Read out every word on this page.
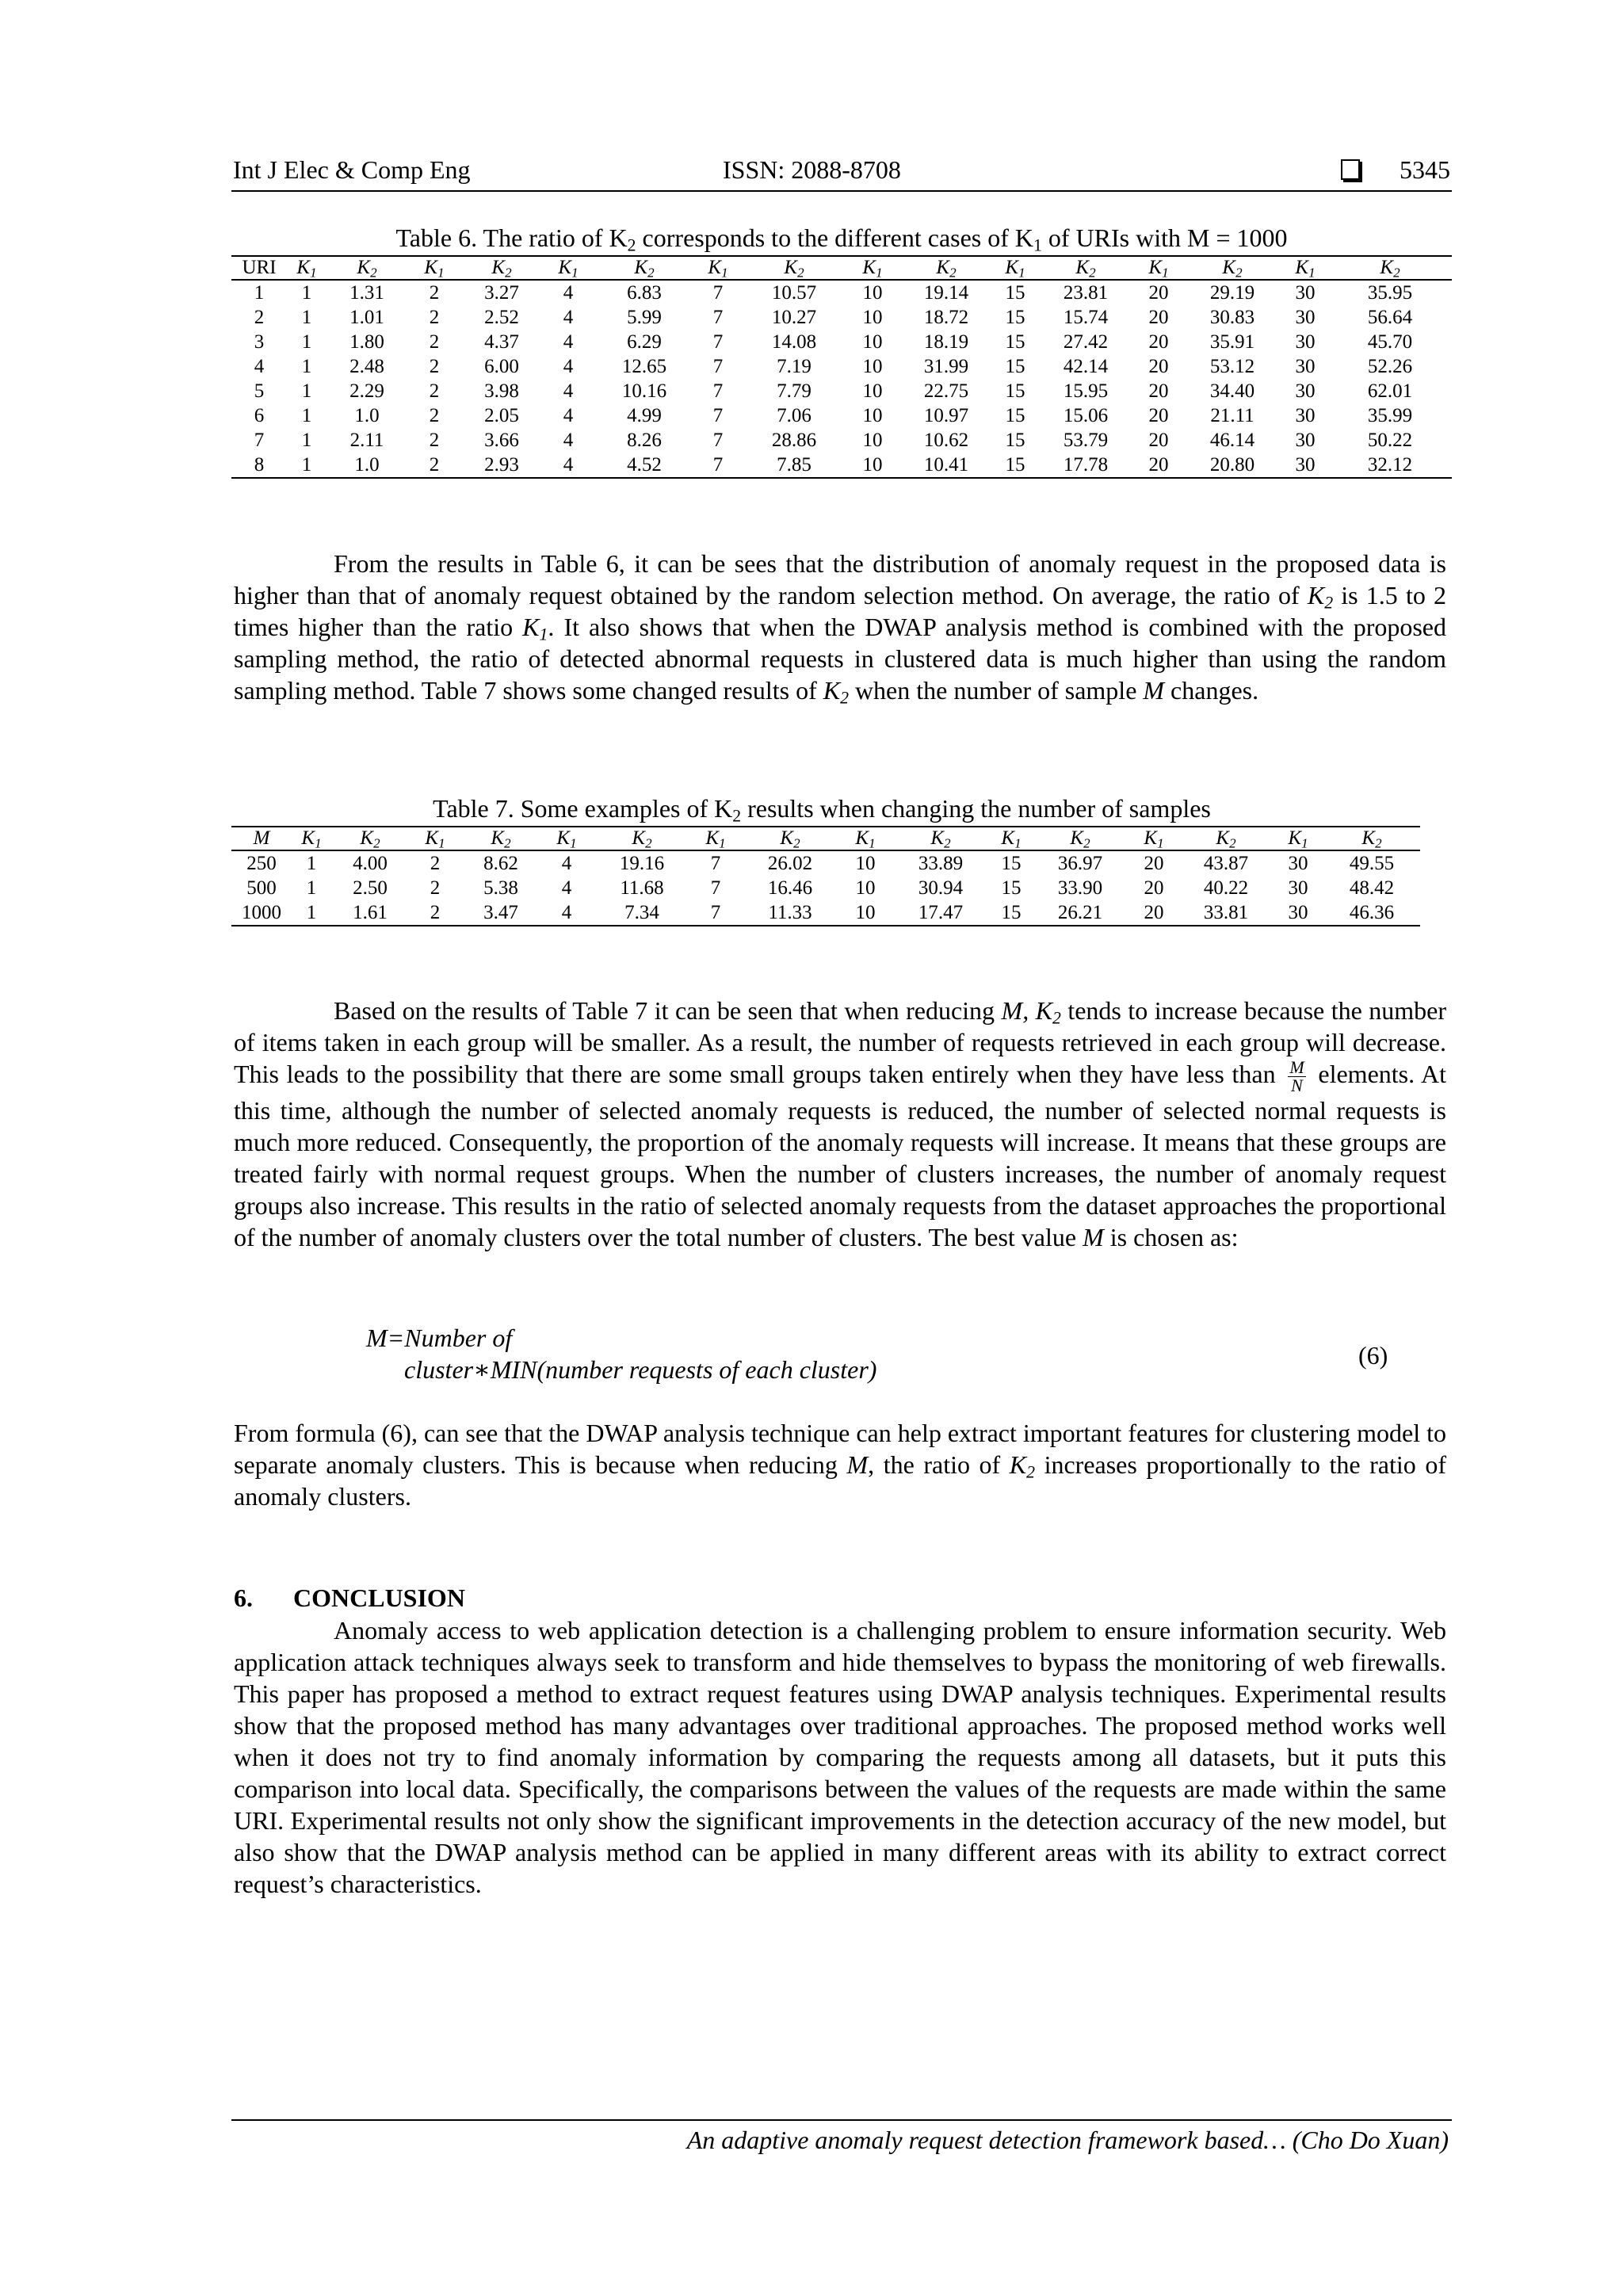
Int J Elec & Comp Eng	ISSN: 2088-8708	5345
Table 6. The ratio of $K_2$ corresponds to the different cases of $K_1$ of URIs with M = 1000
URI	$K_1$	$K_2$	$K_1$	$K_2$	$K_1$	$K_2$	$K_1$	$K_2$	$K_1$	$K_2$	$K_1$	$K_2$	$K_1$	$K_2$	$K_1$	$K_2$
1	1	1.31	2	3.27	4	6.83	7	10.57	10	19.14	15	23.81	20	29.19	30	35.95
2	1	1.01	2	2.52	4	5.99	7	10.27	10	18.72	15	15.74	20	30.83	30	56.64
3	1	1.80	2	4.37	4	6.29	7	14.08	10	18.19	15	27.42	20	35.91	30	45.70
4	1	2.48	2	6.00	4	12.65	7	7.19	10	31.99	15	42.14	20	53.12	30	52.26
5	1	2.29	2	3.98	4	10.16	7	7.79	10	22.75	15	15.95	20	34.40	30	62.01
6	1	1.0	2	2.05	4	4.99	7	7.06	10	10.97	15	15.06	20	21.11	30	35.99
7	1	2.11	2	3.66	4	8.26	7	28.86	10	10.62	15	53.79	20	46.14	30	50.22
8	1	1.0	2	2.93	4	4.52	7	7.85	10	10.41	15	17.78	20	20.80	30	32.12
From the results in Table 6, it can be sees that the distribution of anomaly request in the proposed data is higher than that of anomaly request obtained by the random selection method. On average, the ratio of $K_2$ is 1.5 to 2 times higher than the ratio $K_1$. It also shows that when the DWAP analysis method is combined with the proposed sampling method, the ratio of detected abnormal requests in clustered data is much higher than using the random sampling method. Table 7 shows some changed results of $K_2$ when the number of sample M changes.
Table 7. Some examples of $K_2$ results when changing the number of samples
M	$K_1$	$K_2$	$K_1$	$K_2$	$K_1$	$K_2$	$K_1$	$K_2$	$K_1$	$K_2$	$K_1$	$K_2$	$K_1$	$K_2$	$K_1$	$K_2$
250	1	4.00	2	8.62	4	19.16	7	26.02	10	33.89	15	36.97	20	43.87	30	49.55
500	1	2.50	2	5.38	4	11.68	7	16.46	10	30.94	15	33.90	20	40.22	30	48.42
1000	1	1.61	2	3.47	4	7.34	7	11.33	10	17.47	15	26.21	20	33.81	30	46.36
Based on the results of Table 7 it can be seen that when reducing M, $K_2$ tends to increase because the number of items taken in each group will be smaller. As a result, the number of requests retrieved in each group will decrease. This leads to the possibility that there are some small groups taken entirely when they have less than $\frac{M}{N}$ elements. At this time, although the number of selected anomaly requests is reduced, the number of selected normal requests is much more reduced. Consequently, the proportion of the anomaly requests will increase. It means that these groups are treated fairly with normal request groups. When the number of clusters increases, the number of anomaly request groups also increase. This results in the ratio of selected anomaly requests from the dataset approaches the proportional of the number of anomaly clusters over the total number of clusters. The best value M is chosen as:
M=Number of
cluster∗MIN(number requests of each cluster)	(6)
From formula (6), can see that the DWAP analysis technique can help extract important features for clustering model to separate anomaly clusters. This is because when reducing M, the ratio of $K_2$ increases proportionally to the ratio of anomaly clusters.
6. CONCLUSION
Anomaly access to web application detection is a challenging problem to ensure information security. Web application attack techniques always seek to transform and hide themselves to bypass the monitoring of web firewalls. This paper has proposed a method to extract request features using DWAP analysis techniques. Experimental results show that the proposed method has many advantages over traditional approaches. The proposed method works well when it does not try to find anomaly information by comparing the requests among all datasets, but it puts this comparison into local data. Specifically, the comparisons between the values of the requests are made within the same URI. Experimental results not only show the significant improvements in the detection accuracy of the new model, but also show that the DWAP analysis method can be applied in many different areas with its ability to extract correct request’s characteristics.
An adaptive anomaly request detection framework based… (Cho Do Xuan)
